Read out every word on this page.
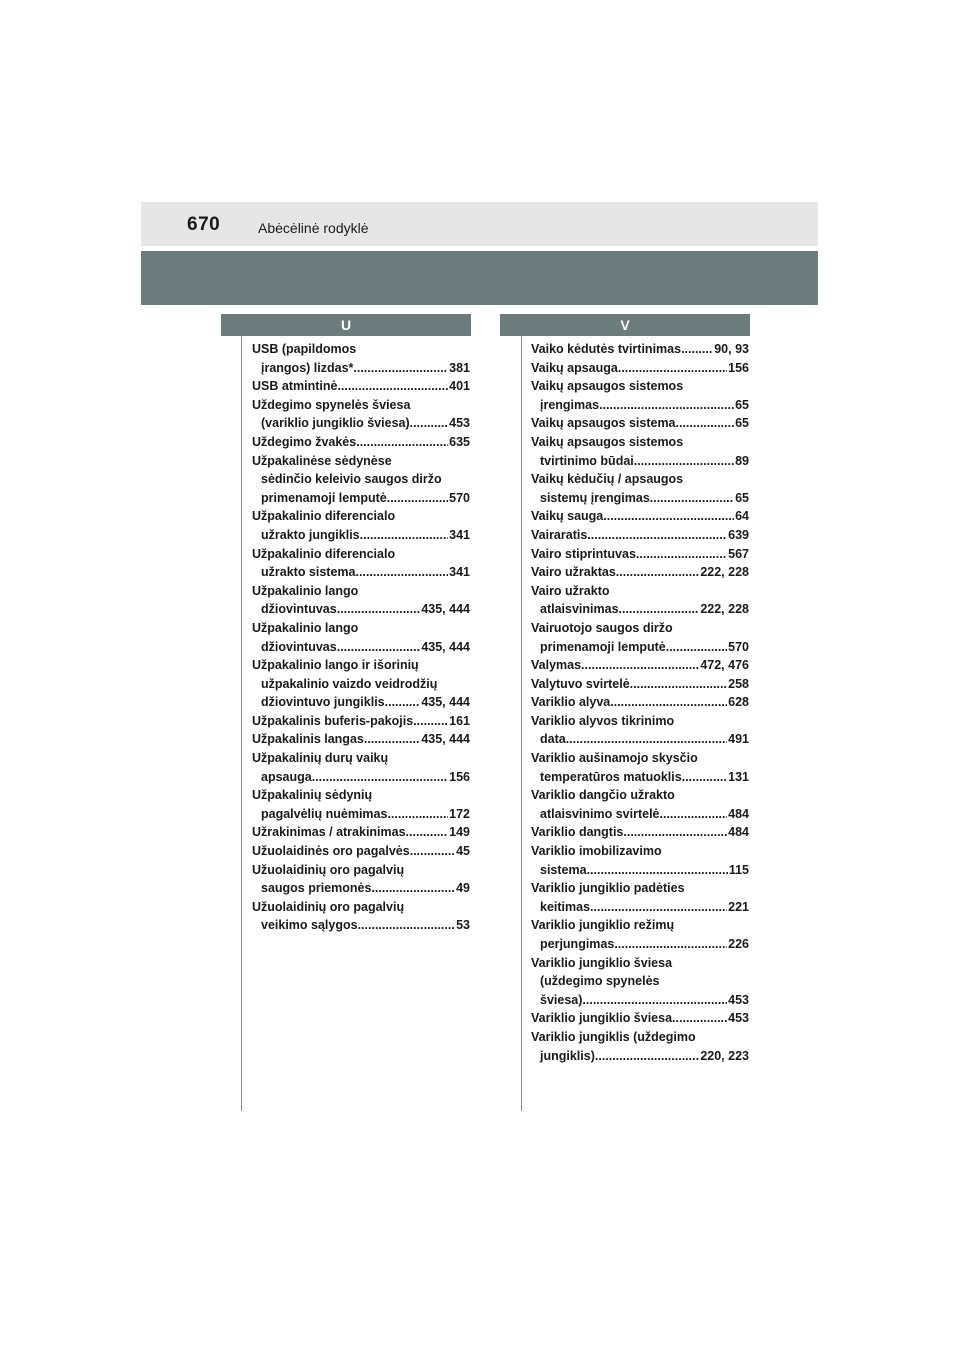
670	Abėcėlinė rodyklė
U	V
USB (papildomos
įrangos) lizdas* .....	381
USB atmintinė .....	401
Uždegimo spynelės šviesa
(variklio jungiklio šviesa) .....	453
Uždegimo žvakės .....	635
Užpakalinėse sėdynėse
sėdinčio keleivio saugos diržo
primenamoji lemputė .....	570
Užpakalinio diferencialo
užrakto jungiklis .....	341
Užpakalinio diferencialo
užrakto sistema .....	341
Užpakalinio lango
džiovintuvas .....	435, 444
Užpakalinio lango
džiovintuvas .....	435, 444
Užpakalinio lango ir išorinių
užpakalinio vaizdo veidrodžių
džiovintuvo jungiklis .....	435, 444
Užpakalinis buferis-pakojis .....	161
Užpakalinis langas .....	435, 444
Užpakalinių durų vaikų
apsauga .....	156
Užpakalinių sėdynių
pagalvėlių nuėmimas .....	172
Užrakinimas / atrakinimas .....	149
Užuolaidinės oro pagalvės .....	45
Užuolaidinių oro pagalvių
saugos priemonės .....	49
Užuolaidinių oro pagalvių
veikimo sąlygos .....	53
Vaiko kėdutės tvirtinimas .....	90, 93
Vaikų apsauga .....	156
Vaikų apsaugos sistemos
įrengimas .....	65
Vaikų apsaugos sistema .....	65
Vaikų apsaugos sistemos
tvirtinimo būdai .....	89
Vaikų kėdučių / apsaugos
sistemų įrengimas .....	65
Vaikų sauga .....	64
Vairaratis .....	639
Vairo stiprintuvas .....	567
Vairo užraktas .....	222, 228
Vairo užrakto
atlaisvinimas .....	222, 228
Vairuotojo saugos diržo
primenamoji lemputė .....	570
Valymas .....	472, 476
Valytuvo svirtelė .....	258
Variklio alyva .....	628
Variklio alyvos tikrinimo
data .....	491
Variklio aušinamojo skysčio
temperatūros matuoklis .....	131
Variklio dangčio užrakto
atlaisvinimo svirtelė .....	484
Variklio dangtis .....	484
Variklio imobilizavimo
sistema .....	115
Variklio jungiklio padėties
keitimas .....	221
Variklio jungiklio režimų
perjungimas .....	226
Variklio jungiklio šviesa
(uždegimo spynelės
šviesa) .....	453
Variklio jungiklio šviesa .....	453
Variklio jungiklis (uždegimo
jungiklis) .....	220, 223
